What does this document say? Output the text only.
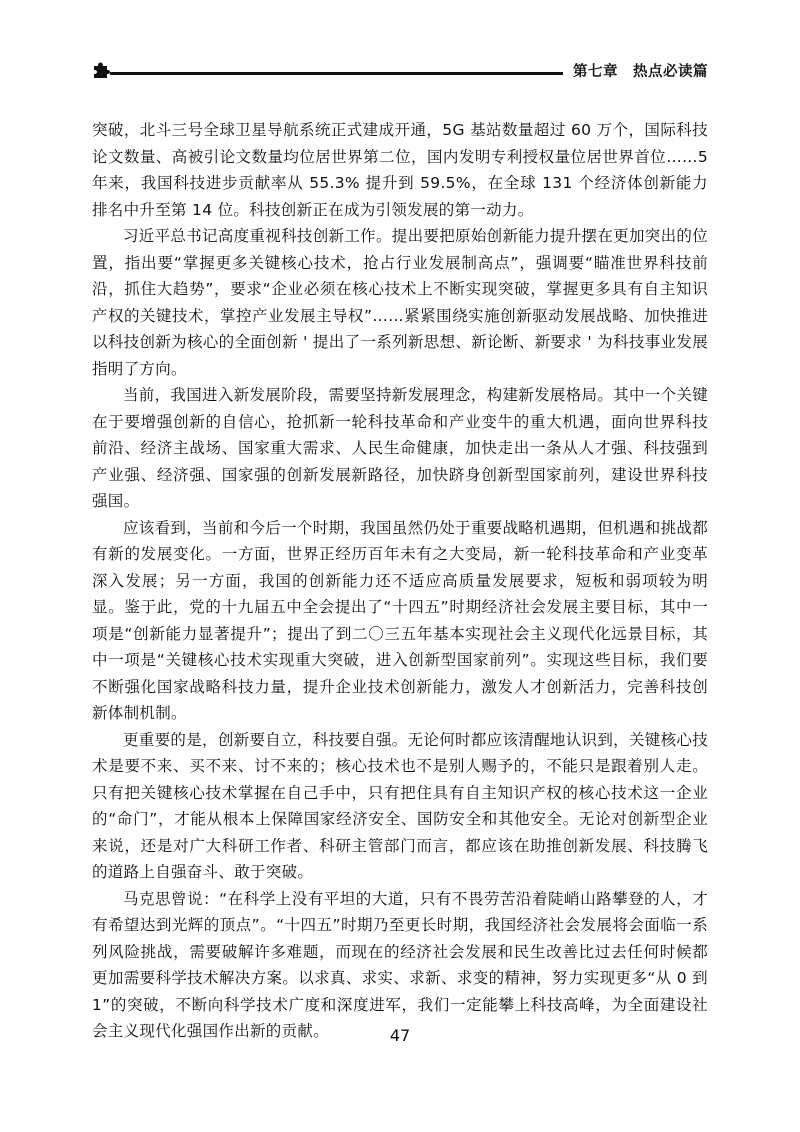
第七章　热点必读篇

突破，北斗三号全球卫星导航系统正式建成开通，5G 基站数量超过 60 万个，国际科技论文数量、高被引论文数量均位居世界第二位，国内发明专利授权量位居世界首位……5年来，我国科技进步贡献率从 55.3% 提升到 59.5%，在全球 131 个经济体创新能力排名中升至第 14 位。科技创新正在成为引领发展的第一动力。

习近平总书记高度重视科技创新工作。提出要把原始创新能力提升摆在更加突出的位置，指出要“掌握更多关键核心技术，抢占行业发展制高点”，强调要“瞄准世界科技前沿，抓住大趋势”，要求“企业必须在核心技术上不断实现突破，掌握更多具有自主知识产权的关键技术，掌控产业发展主导权”……紧紧围绕实施创新驱动发展战略、加快推进以科技创新为核心的全面创新 ' 提出了一系列新思想、新论断、新要求 ' 为科技事业发展指明了方向。

当前，我国进入新发展阶段，需要坚持新发展理念，构建新发展格局。其中一个关键在于要增强创新的自信心，抢抓新一轮科技革命和产业变牛的重大机遇，面向世界科技前沿、经济主战场、国家重大需求、人民生命健康，加快走出一条从人才强、科技强到产业强、经济强、国家强的创新发展新路径，加快跻身创新型国家前列，建设世界科技强国。

应该看到，当前和今后一个时期，我国虽然仍处于重要战略机遇期，但机遇和挑战都有新的发展变化。一方面，世界正经历百年未有之大变局，新一轮科技革命和产业变革深入发展；另一方面，我国的创新能力还不适应高质量发展要求，短板和弱项较为明显。鉴于此，党的十九届五中全会提出了“十四五”时期经济社会发展主要目标，其中一项是“创新能力显著提升”；提出了到二〇三五年基本实现社会主义现代化远景目标，其中一项是“关键核心技术实现重大突破，进入创新型国家前列”。实现这些目标，我们要不断强化国家战略科技力量，提升企业技术创新能力，激发人才创新活力，完善科技创新体制机制。

更重要的是，创新要自立，科技要自强。无论何时都应该清醒地认识到，关键核心技术是要不来、买不来、讨不来的；核心技术也不是别人赐予的，不能只是跟着别人走。只有把关键核心技术掌握在自己手中，只有把住具有自主知识产权的核心技术这一企业的“命门”，才能从根本上保障国家经济安全、国防安全和其他安全。无论对创新型企业来说，还是对广大科研工作者、科研主管部门而言，都应该在助推创新发展、科技腾飞的道路上自强奋斗、敢于突破。

马克思曾说：“在科学上没有平坦的大道，只有不畏劳苦沿着陡峭山路攀登的人，才有希望达到光辉的顶点”。“十四五”时期乃至更长时期，我国经济社会发展将会面临一系列风险挑战，需要破解许多难题，而现在的经济社会发展和民生改善比过去任何时候都更加需要科学技术解决方案。以求真、求实、求新、求变的精神，努力实现更多“从 0 到 1”的突破，不断向科学技术广度和深度进军，我们一定能攀上科技高峰，为全面建设社会主义现代化强国作出新的贡献。	47
